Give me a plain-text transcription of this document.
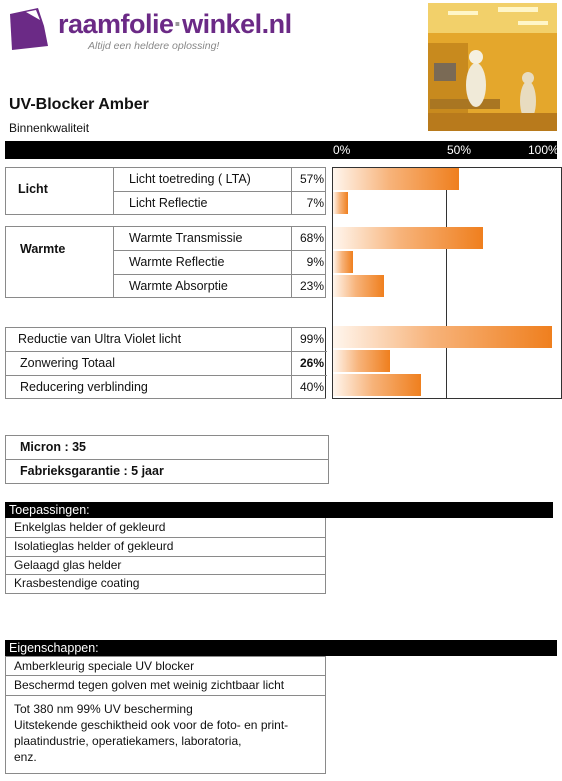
raamfolie·winkel.nl
Altijd een heldere oplossing!
UV-Blocker Amber
Binnenkwaliteit
0%	50%	100%
Licht
Licht toetreding ( LTA)	57%
Licht Reflectie	7%
Warmte
Warmte Transmissie	68%
Warmte Reflectie	9%
Warmte Absorptie	23%
Reductie van Ultra Violet licht	99%
Zonwering Totaal	26%
Reducering verblinding	40%
Micron : 35
Fabrieksgarantie : 5 jaar
Toepassingen:
Enkelglas helder of gekleurd
Isolatieglas helder of gekleurd
Gelaagd glas helder
Krasbestendige coating
Eigenschappen:
Amberkleurig speciale UV blocker
Beschermd tegen golven met weinig zichtbaar licht
Tot 380 nm 99% UV bescherming
Uitstekende geschiktheid ook voor de foto- en print-
plaatindustrie, operatiekamers, laboratoria,
enz.
